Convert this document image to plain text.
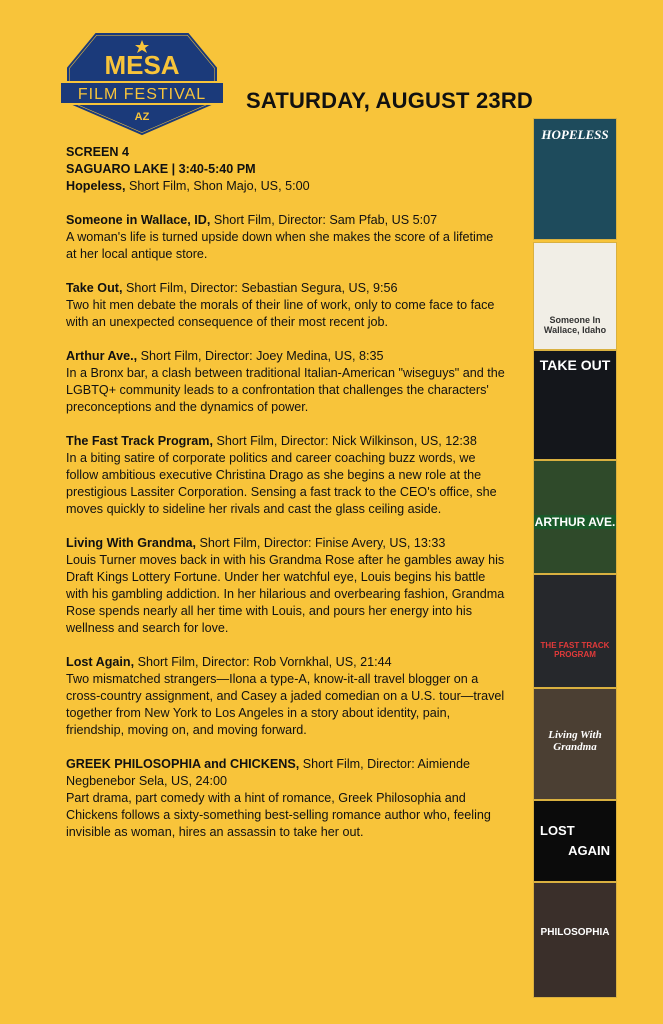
MESA
FILM FESTIVAL
AZ
SATURDAY, AUGUST 23RD
SCREEN 4
SAGUARO LAKE | 3:40-5:40 PM
Hopeless, Short Film, Shon Majo, US, 5:00
Someone in Wallace, ID, Short Film, Director: Sam Pfab, US 5:07
A woman's life is turned upside down when she makes the score of a lifetime at her local antique store.
Take Out, Short Film, Director: Sebastian Segura, US, 9:56
Two hit men debate the morals of their line of work, only to come face to face with an unexpected consequence of their most recent job.
Arthur Ave., Short Film, Director: Joey Medina, US, 8:35
In a Bronx bar, a clash between traditional Italian-American "wiseguys" and the LGBTQ+ community leads to a confrontation that challenges the characters' preconceptions and the dynamics of power.
The Fast Track Program, Short Film, Director: Nick Wilkinson, US, 12:38
In a biting satire of corporate politics and career coaching buzz words, we follow ambitious executive Christina Drago as she begins a new role at the prestigious Lassiter Corporation. Sensing a fast track to the CEO's office, she moves quickly to sideline her rivals and cast the glass ceiling aside.
Living With Grandma, Short Film, Director: Finise Avery, US, 13:33
Louis Turner moves back in with his Grandma Rose after he gambles away his Draft Kings Lottery Fortune. Under her watchful eye, Louis begins his battle with his gambling addiction. In her hilarious and overbearing fashion, Grandma Rose spends nearly all her time with Louis, and pours her energy into his wellness and search for love.
Lost Again, Short Film, Director: Rob Vornkhal, US, 21:44
Two mismatched strangers—Ilona a type-A, know-it-all travel blogger on a cross-country assignment, and Casey a jaded comedian on a U.S. tour—travel together from New York to Los Angeles in a story about identity, pain, friendship, moving on, and moving forward.
GREEK PHILOSOPHIA and CHICKENS, Short Film, Director: Aimiende Negbenebor Sela, US, 24:00
Part drama, part comedy with a hint of romance, Greek Philosophia and Chickens follows a sixty-something best-selling romance author who, feeling invisible as woman, hires an assassin to take her out.
HOPELESS
Someone In Wallace, Idaho
TAKE OUT
ARTHUR AVE.
THE FAST TRACK PROGRAM
Living With Grandma
LOST
AGAIN
PHILOSOPHIA
